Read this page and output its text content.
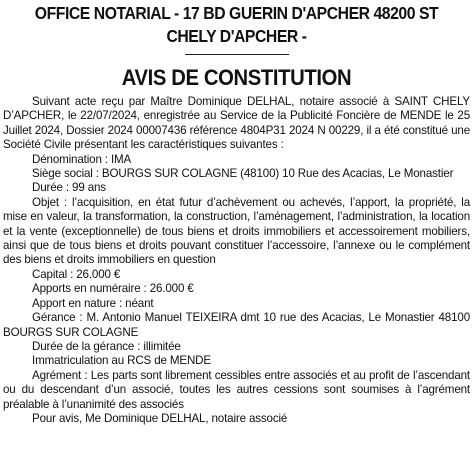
OFFICE NOTARIAL - 17 BD GUERIN D'APCHER 48200 ST
CHELY D'APCHER -
AVIS DE CONSTITUTION

Suivant acte reçu par Maître Dominique DELHAL, notaire associé à SAINT CHELY D’APCHER, le 22/07/2024, enregistrée au Service de la Publicité Foncière de MENDE le 25 Juillet 2024, Dossier 2024 00007436 référence 4804P31 2024 N 00229, il a été constitué une Société Civile présentant les caractéristiques suivantes :

Dénomination : IMA

Siège social : BOURGS SUR COLAGNE (48100) 10 Rue des Acacias, Le Monastier

Durée : 99 ans

Objet : l’acquisition, en état futur d’achèvement ou achevés, l’apport, la propriété, la mise en valeur, la transformation, la construction, l’aménagement, l’administration, la location et la vente (exceptionnelle) de tous biens et droits immobiliers et accessoirement mobiliers, ainsi que de tous biens et droits pouvant constituer l’accessoire, l’annexe ou le complément des biens et droits immobiliers en question

Capital : 26.000 €

Apports en numéraire : 26.000 €

Apport en nature : néant

Gérance : M. Antonio Manuel TEIXEIRA dmt 10 rue des Acacias, Le Monastier 48100 BOURGS SUR COLAGNE

Durée de la gérance : illimitée

Immatriculation au RCS de MENDE

Agrément : Les parts sont librement cessibles entre associés et au profit de l’ascendant ou du descendant d’un associé, toutes les autres cessions sont soumises à l’agrément préalable à l’unanimité des associés

Pour avis, Me Dominique DELHAL, notaire associé
